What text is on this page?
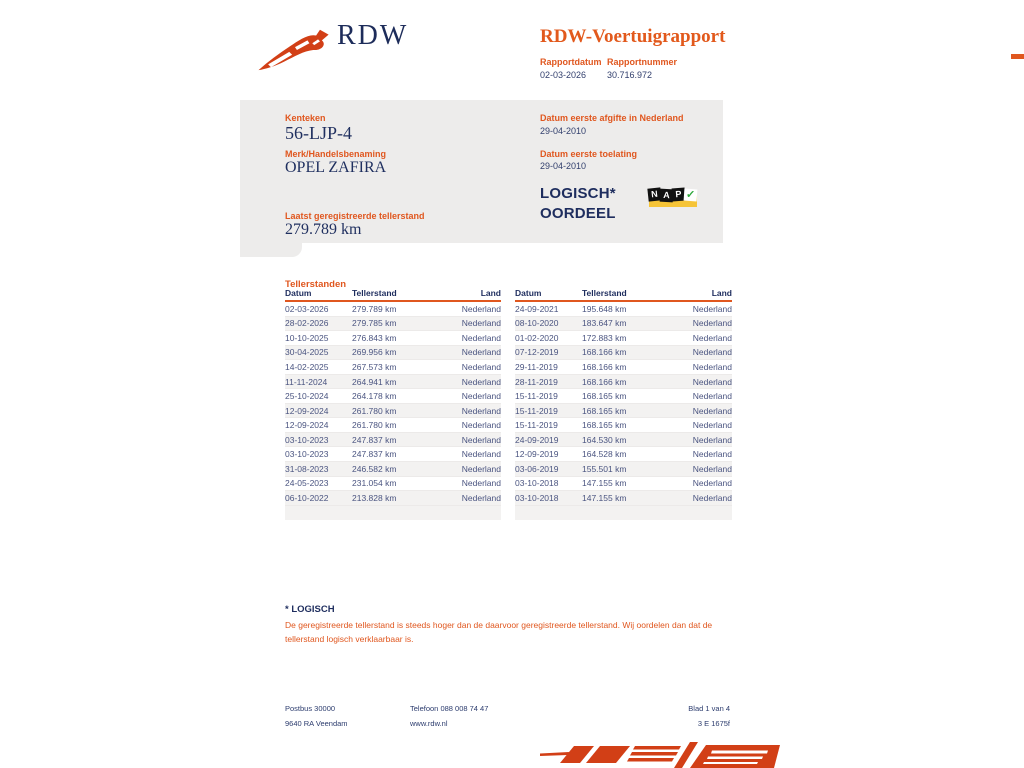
RDW	RDW-Voertuigrapport
Rapportdatum
02-03-2026
Rapportnummer
30.716.972
Kenteken
56-LJP-4
Merk/Handelsbenaming
OPEL ZAFIRA
Laatst geregistreerde tellerstand
279.789 km
Datum eerste afgifte in Nederland
29-04-2010
Datum eerste toelating
29-04-2010
LOGISCH*
OORDEEL
N A P ✓
Tellerstanden
Datum	Tellerstand	Land
02-03-2026	279.789 km	Nederland
28-02-2026	279.785 km	Nederland
10-10-2025	276.843 km	Nederland
30-04-2025	269.956 km	Nederland
14-02-2025	267.573 km	Nederland
11-11-2024	264.941 km	Nederland
25-10-2024	264.178 km	Nederland
12-09-2024	261.780 km	Nederland
12-09-2024	261.780 km	Nederland
03-10-2023	247.837 km	Nederland
03-10-2023	247.837 km	Nederland
31-08-2023	246.582 km	Nederland
24-05-2023	231.054 km	Nederland
06-10-2022	213.828 km	Nederland
Datum	Tellerstand	Land
24-09-2021	195.648 km	Nederland
08-10-2020	183.647 km	Nederland
01-02-2020	172.883 km	Nederland
07-12-2019	168.166 km	Nederland
29-11-2019	168.166 km	Nederland
28-11-2019	168.166 km	Nederland
15-11-2019	168.165 km	Nederland
15-11-2019	168.165 km	Nederland
15-11-2019	168.165 km	Nederland
24-09-2019	164.530 km	Nederland
12-09-2019	164.528 km	Nederland
03-06-2019	155.501 km	Nederland
03-10-2018	147.155 km	Nederland
03-10-2018	147.155 km	Nederland
* LOGISCH
De geregistreerde tellerstand is steeds hoger dan de daarvoor geregistreerde tellerstand. Wij oordelen dan dat de tellerstand logisch verklaarbaar is.
Postbus 30000
9640 RA Veendam
Telefoon 088 008 74 47
www.rdw.nl
Blad 1 van 4
3 E 1675f
